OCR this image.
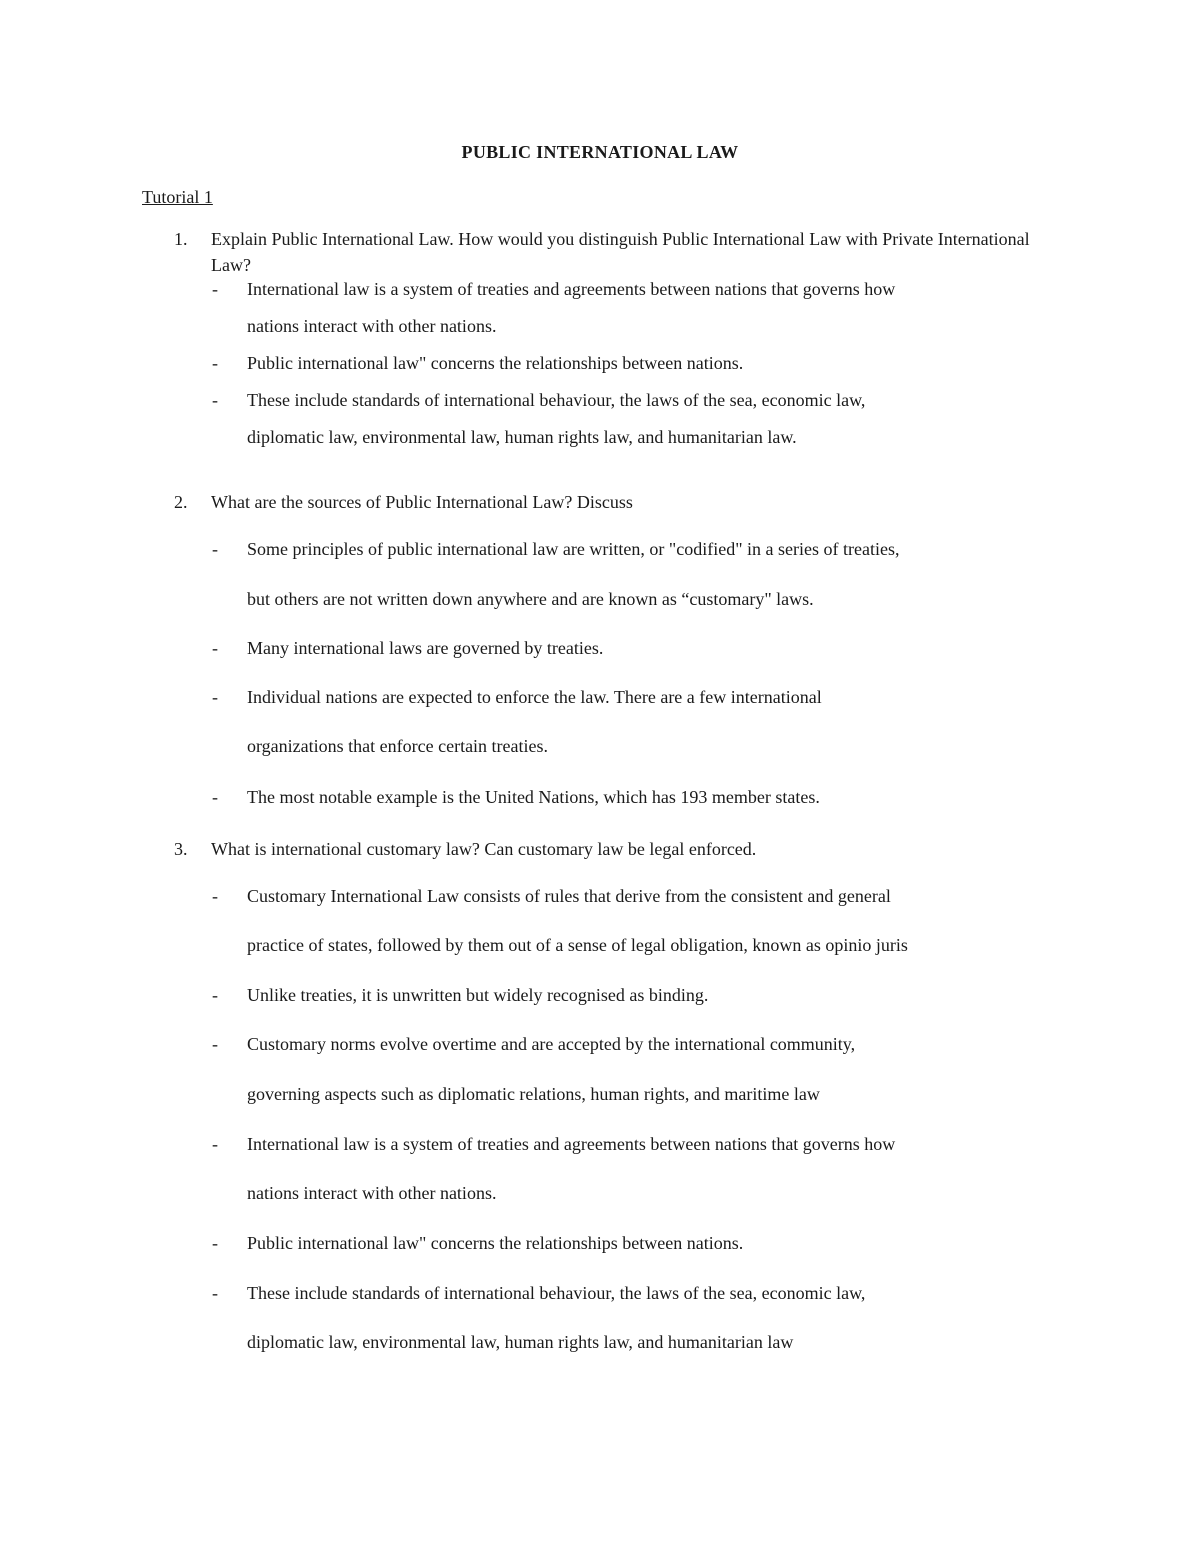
PUBLIC INTERNATIONAL LAW
Tutorial 1
1. Explain Public International Law. How would you distinguish Public International Law with Private International Law?
- International law is a system of treaties and agreements between nations that governs how
nations interact with other nations.
- Public international law" concerns the relationships between nations.
- These include standards of international behaviour, the laws of the sea, economic law,
diplomatic law, environmental law, human rights law, and humanitarian law.
2. What are the sources of Public International Law? Discuss
- Some principles of public international law are written, or "codified" in a series of treaties,
but others are not written down anywhere and are known as “customary" laws.
- Many international laws are governed by treaties.
- Individual nations are expected to enforce the law. There are a few international
organizations that enforce certain treaties.
- The most notable example is the United Nations, which has 193 member states.
3. What is international customary law? Can customary law be legal enforced.
- Customary International Law consists of rules that derive from the consistent and general
practice of states, followed by them out of a sense of legal obligation, known as opinio juris
- Unlike treaties, it is unwritten but widely recognised as binding.
- Customary norms evolve overtime and are accepted by the international community,
governing aspects such as diplomatic relations, human rights, and maritime law
- International law is a system of treaties and agreements between nations that governs how
nations interact with other nations.
- Public international law" concerns the relationships between nations.
- These include standards of international behaviour, the laws of the sea, economic law,
diplomatic law, environmental law, human rights law, and humanitarian law
